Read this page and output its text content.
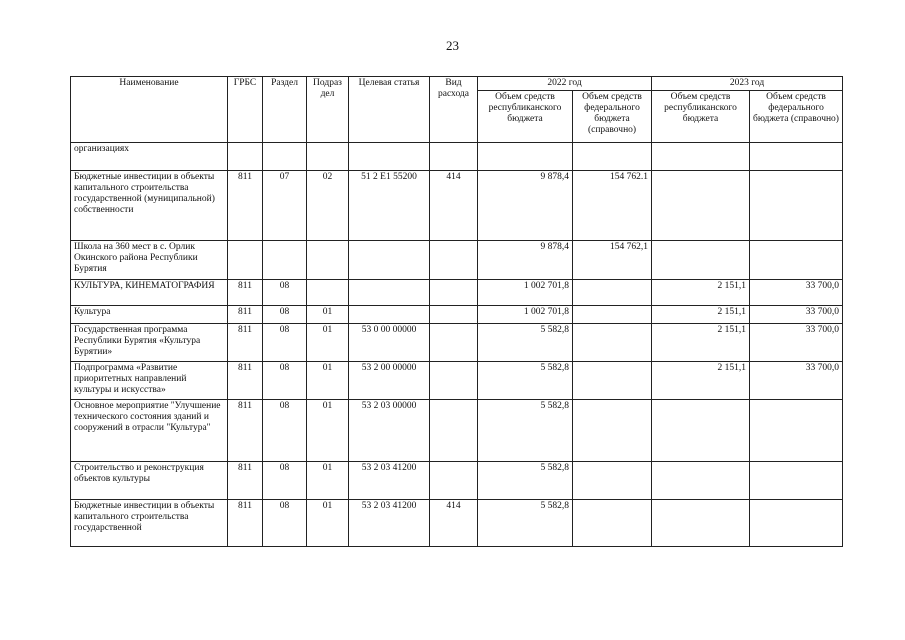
23
Наименование	ГРБС	Раздел	Подраз дел	Целевая статья	Вид расхода	2022 год		2023 год	
						Объем средств республиканского бюджета	Объем средств федерального бюджета (справочно)	Объем средств республиканского бюджета	Объем средств федерального бюджета (справочно)
организациях									
Бюджетные инвестиции в объекты капитального строительства государственной (муниципальной) собственности	811	07	02	51 2 E1 55200	414	9 878,4	154 762.1		
Школа на 360 мест в с. Орлик Окинского района Республики Бурятия						9 878,4	154 762,1		
КУЛЬТУРА, КИНЕМАТОГРАФИЯ	811	08				1 002 701,8		2 151,1	33 700,0
Культура	811	08	01			1 002 701,8		2 151,1	33 700,0
Государственная программа Республики Бурятия «Культура Бурятии»	811	08	01	53 0 00 00000		5 582,8		2 151,1	33 700,0
Подпрограмма «Развитие приоритетных направлений культуры и искусства»	811	08	01	53 2 00 00000		5 582,8		2 151,1	33 700,0
Основное мероприятие "Улучшение технического состояния зданий и сооружений в отрасли "Культура"	811	08	01	53 2 03 00000		5 582,8			
Строительство и реконструкция объектов культуры	811	08	01	53 2 03 41200		5 582,8			
Бюджетные инвестиции в объекты капитального строительства государственной	811	08	01	53 2 03 41200	414	5 582,8			
